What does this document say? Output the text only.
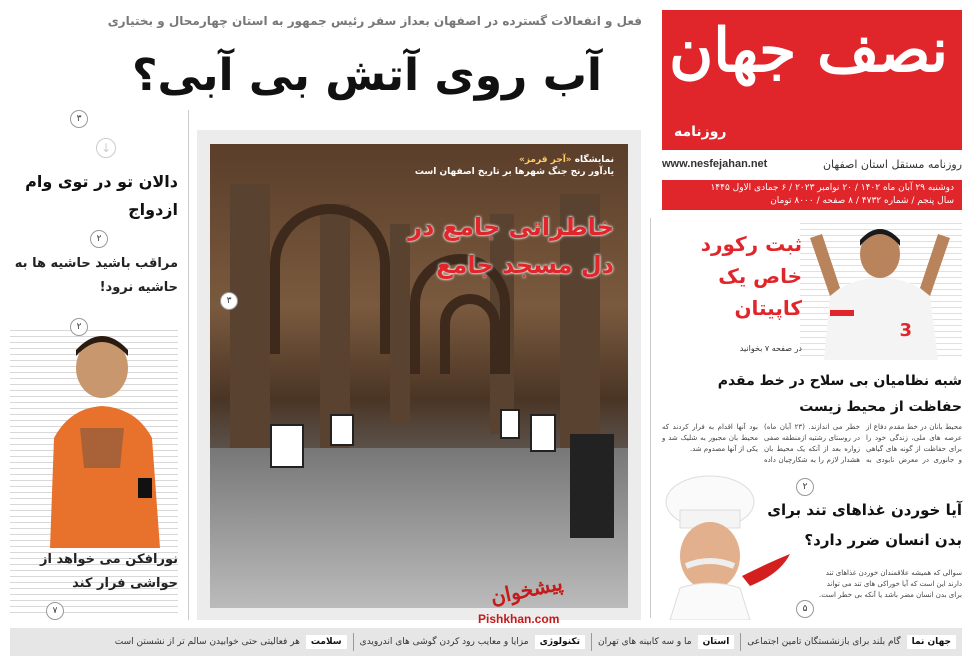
نصف جهان
روزنامه
روزنامه مستقل استان اصفهان
www.nesfejahan.net
دوشنبه ۲۹ آبان ماه ۱۴۰۲ / ۲۰ نوامبر ۲۰۲۳ / ۶ جمادی الاول ۱۴۴۵
سال پنجم / شماره ۴۷۳۲ / ۸ صفحه / ۸۰۰۰ تومان
فعل و انفعالات گسترده در اصفهان بعداز سفر رئیس جمهور به استان چهارمحال و بختیاری
آب روی آتش بی آبی؟
۳
↓
دالان تو در توی وام ازدواج
۲
مراقب باشید حاشیه ها به حاشیه نرود!
۲
نورافکن می خواهد از حواشی فرار کند
۷
نمایشگاه «آجر قرمز»
یادآور رنج جنگ شهرها بر تاریخ اصفهان است
خاطراتی جامع در دل مسجد جامع
۳
پیشخوان
Pishkhan.com
3
ثبت رکورد خاص یک کاپیتان
در صفحه ۷ بخوانید
شبه نظامیان بی سلاح در خط مقدم حفاظت از محیط زیست
محیط بانان در خط مقدم دفاع از عرصه های ملی، زندگی خود را برای حفاظت از گونه های گیاهی و جانوری در معرض نابودی به خطر می اندازند. (۲۳ آبان ماه) در روستای رشتیه ازمنطقه صفی زواره بعد از آنکه یک محیط بان هشدار لازم را به شکارچیان داده بود آنها اقدام به فرار کردند که محیط بان مجبور به شلیک شد و یکی از آنها مصدوم شد.
۲
آیا خوردن غذاهای تند برای بدن انسان ضرر دارد؟
سوالی که همیشه علاقمندان خوردن غذاهای تند دارند این است که آیا خوراکی های تند می تواند برای بدن انسان مضر باشد یا آنکه بی خطر است.
۵
جهان نما
گام بلند برای بازنشستگان تامین اجتماعی
استان
ما و سه کابینه های تهران
تکنولوژی
مزایا و معایب رود کردن گوشی های اندرویدی
سلامت
هر فعالیتی حتی خوابیدن سالم تر از نشستن است
